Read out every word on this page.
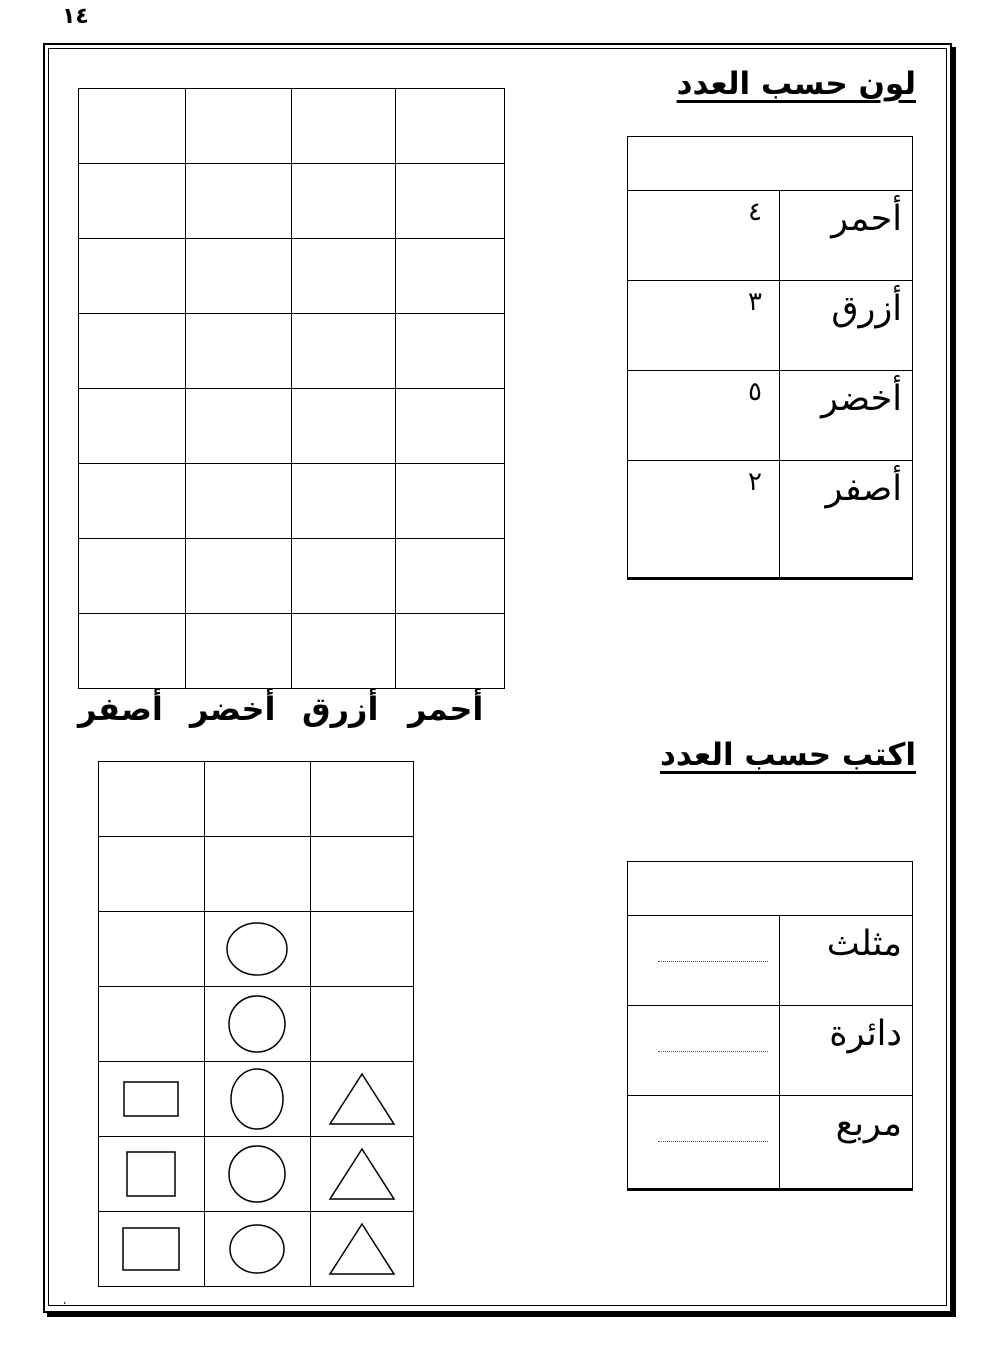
١٤
،
لون حسب العدد
أحمر
٤
أزرق
٣
أخضر
٥
أصفر
٢

أحمر
أزرق
أخضر
أصفر
اكتب حسب العدد
مثلث
دائرة
مربع
